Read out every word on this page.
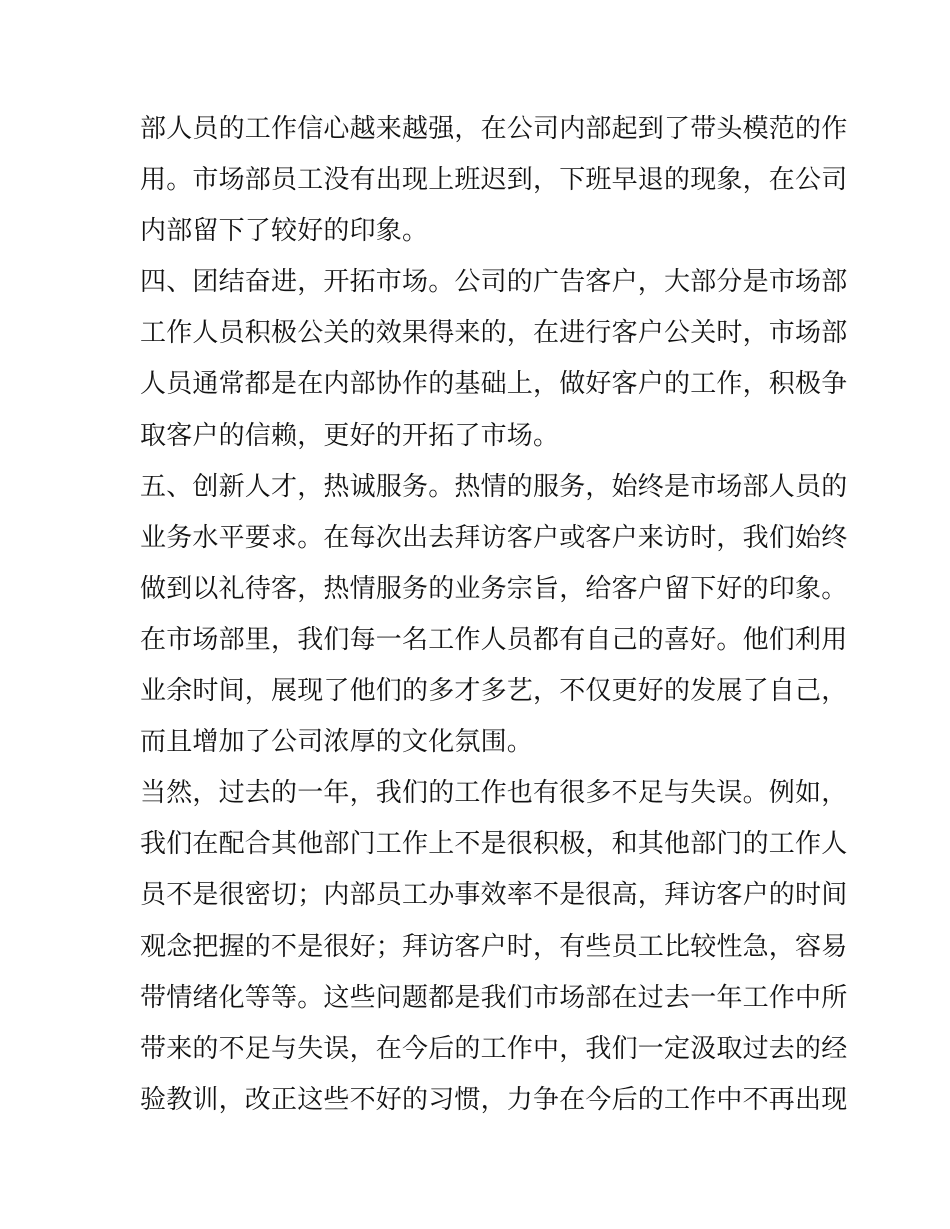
部人员的工作信心越来越强，在公司内部起到了带头模范的作
用。市场部员工没有出现上班迟到，下班早退的现象，在公司
内部留下了较好的印象。
四、团结奋进，开拓市场。公司的广告客户，大部分是市场部
工作人员积极公关的效果得来的，在进行客户公关时，市场部
人员通常都是在内部协作的基础上，做好客户的工作，积极争
取客户的信赖，更好的开拓了市场。
五、创新人才，热诚服务。热情的服务，始终是市场部人员的
业务水平要求。在每次出去拜访客户或客户来访时，我们始终
做到以礼待客，热情服务的业务宗旨，给客户留下好的印象。
在市场部里，我们每一名工作人员都有自己的喜好。他们利用
业余时间，展现了他们的多才多艺，不仅更好的发展了自己，
而且增加了公司浓厚的文化氛围。
当然，过去的一年，我们的工作也有很多不足与失误。例如，
我们在配合其他部门工作上不是很积极，和其他部门的工作人
员不是很密切；内部员工办事效率不是很高，拜访客户的时间
观念把握的不是很好；拜访客户时，有些员工比较性急，容易
带情绪化等等。这些问题都是我们市场部在过去一年工作中所
带来的不足与失误，在今后的工作中，我们一定汲取过去的经
验教训，改正这些不好的习惯，力争在今后的工作中不再出现
